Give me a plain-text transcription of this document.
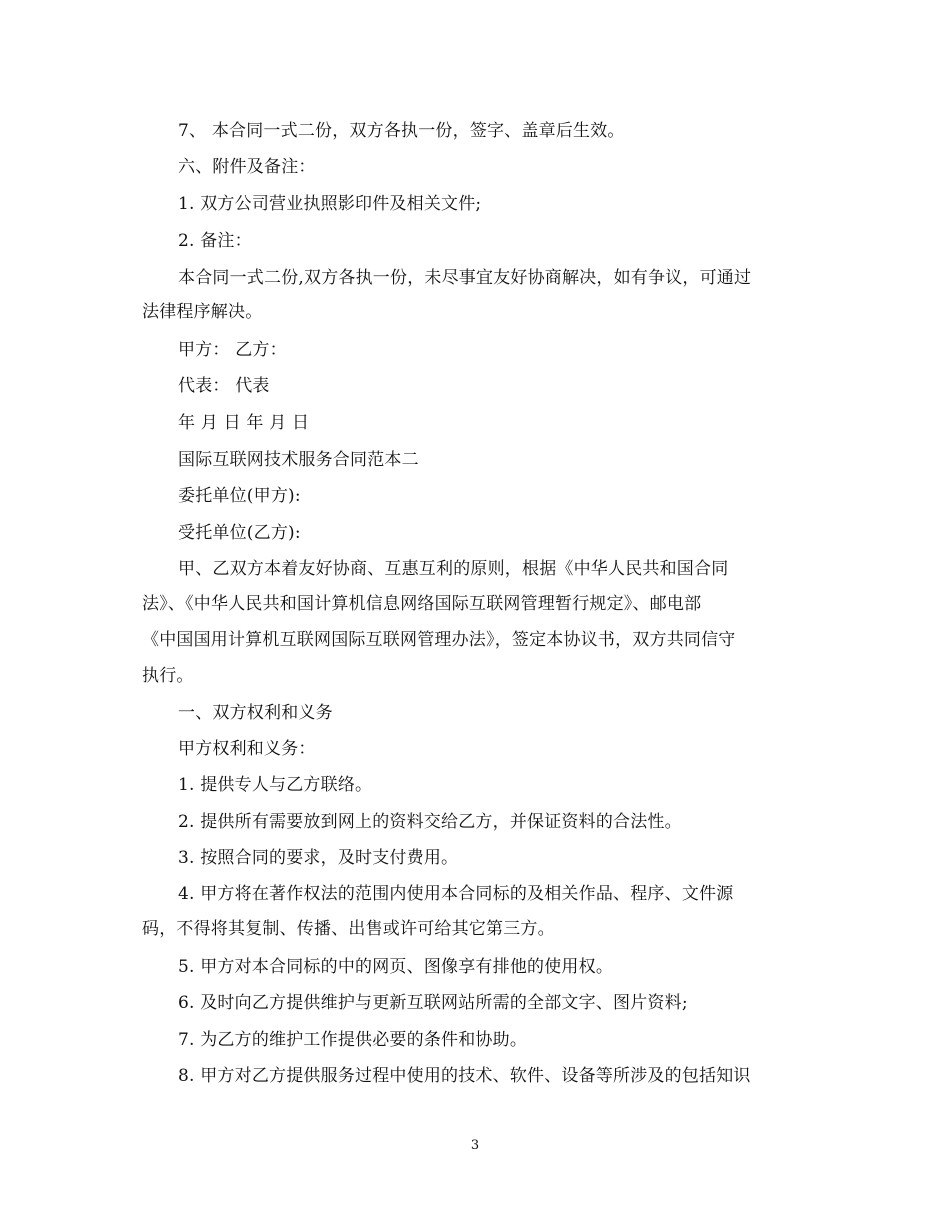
7、 本合同一式二份，双方各执一份，签字、盖章后生效。
六、附件及备注：
1. 双方公司营业执照影印件及相关文件;
2. 备注：
本合同一式二份,双方各执一份，未尽事宜友好协商解决，如有争议，可通过
法律程序解决。
甲方： 乙方：
代表： 代表
年 月 日 年 月 日
国际互联网技术服务合同范本二
委托单位(甲方):
受托单位(乙方):
甲、乙双方本着友好协商、互惠互利的原则，根据《中华人民共和国合同
法》、《中华人民共和国计算机信息网络国际互联网管理暂行规定》、邮电部
《中国国用计算机互联网国际互联网管理办法》，签定本协议书，双方共同信守
执行。
一、双方权利和义务
甲方权利和义务：
1. 提供专人与乙方联络。
2. 提供所有需要放到网上的资料交给乙方，并保证资料的合法性。
3. 按照合同的要求，及时支付费用。
4. 甲方将在著作权法的范围内使用本合同标的及相关作品、程序、文件源
码，不得将其复制、传播、出售或许可给其它第三方。
5. 甲方对本合同标的中的网页、图像享有排他的使用权。
6. 及时向乙方提供维护与更新互联网站所需的全部文字、图片资料;
7. 为乙方的维护工作提供必要的条件和协助。
8. 甲方对乙方提供服务过程中使用的技术、软件、设备等所涉及的包括知识
3
